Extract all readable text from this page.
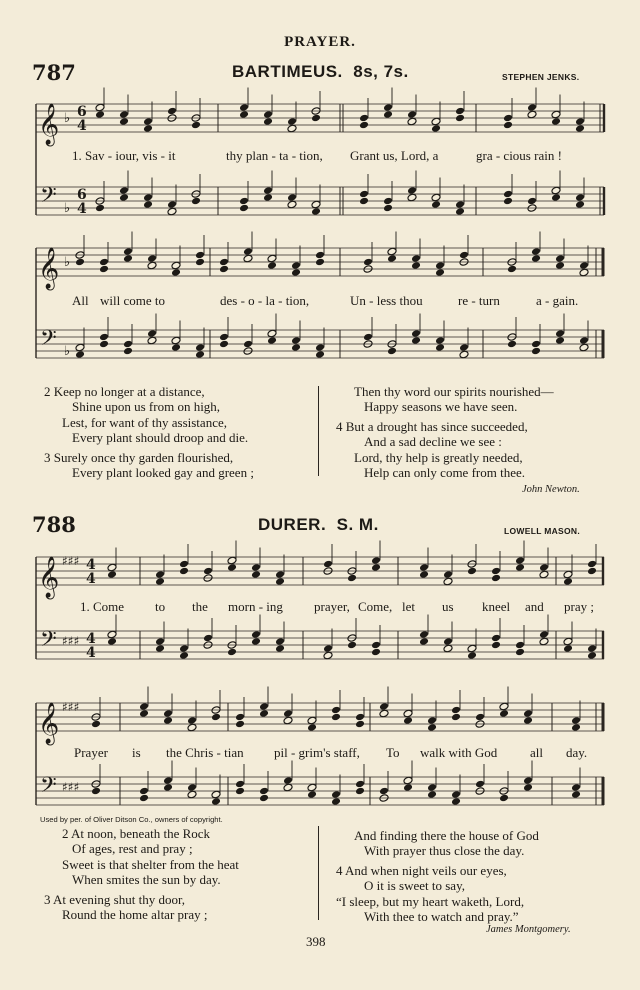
PRAYER.
787	BARTIMEUS. 8s, 7s.	STEPHEN JENKS.
𝄞
𝄢
𝄞
𝄢
♭
♭
♭
♭
6
4
6
4
𝄞
𝄢
𝄞
𝄢
♯♯♯
♯♯♯
♯♯♯
♯♯♯
4
4
4
4
1. Sav - iour, vis - it	thy plan - ta - tion, Grant us, Lord, a	gra - cious rain !
All will come to	des - o - la - tion,	Un - less thou	re - turn	a - gain.
2 Keep no longer at a distance,
Shine upon us from on high,
Lest, for want of thy assistance,
Every plant should droop and die.
3 Surely once thy garden flourished,
Every plant looked gay and green ;
Then thy word our spirits nourished—
Happy seasons we have seen.
4 But a drought has since succeeded,
And a sad decline we see :
Lord, thy help is greatly needed,
Help can only come from thee.
John Newton.
788	DURER. S. M.	LOWELL MASON.
1. Come to the morn - ing prayer, Come, let us kneel and pray ;
Prayer is the Chris - tian pil - grim's staff, To walk with God	all day.
Used by per. of Oliver Ditson Co., owners of copyright.
2 At noon, beneath the Rock
Of ages, rest and pray ;
Sweet is that shelter from the heat
When smites the sun by day.
3 At evening shut thy door,
Round the home altar pray ;
And finding there the house of God
With prayer thus close the day.
4 And when night veils our eyes,
O it is sweet to say,
“I sleep, but my heart waketh, Lord,
With thee to watch and pray.”
James Montgomery.
398
